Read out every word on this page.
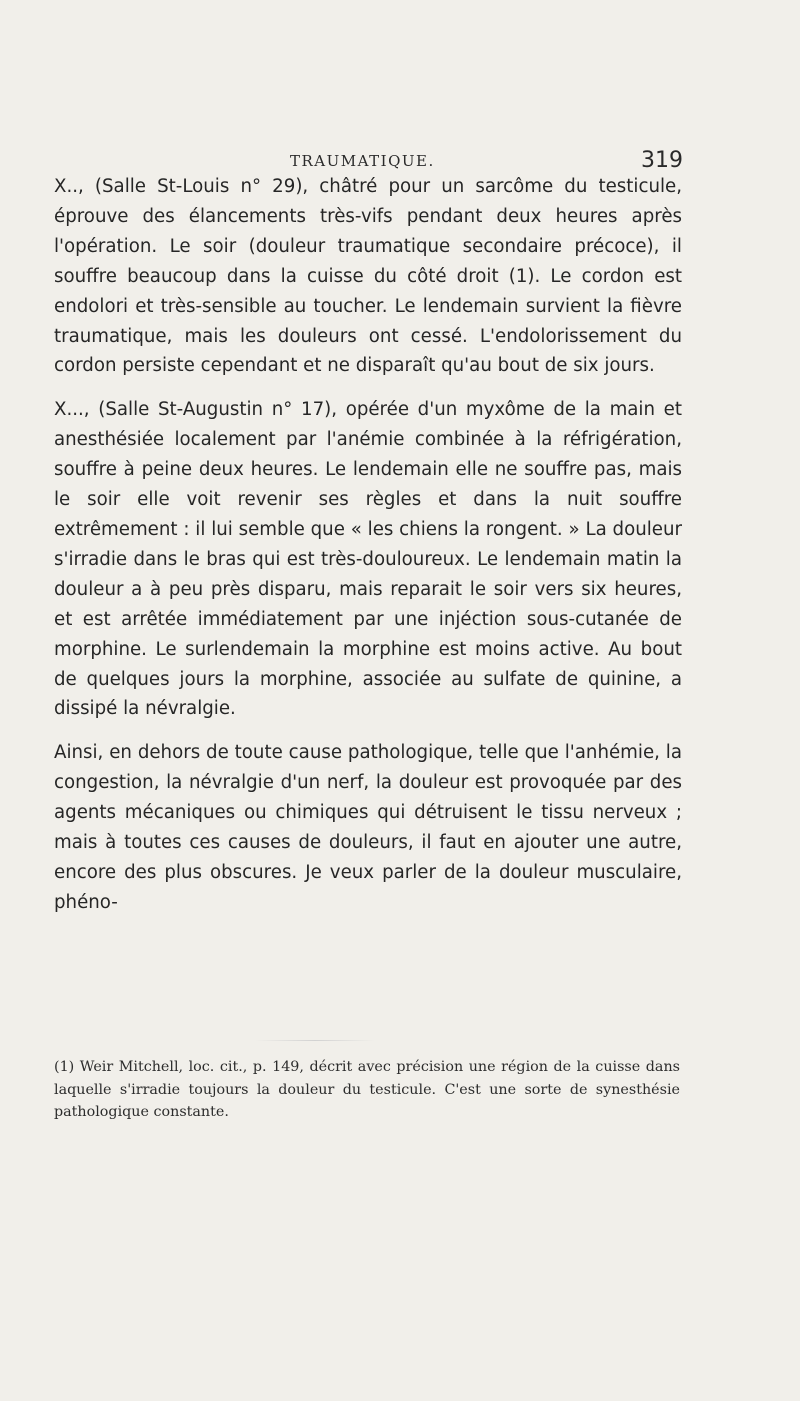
TRAUMATIQUE.	319

X.., (Salle St-Louis n° 29), châtré pour un sarcôme du testicule, éprouve des élancements très-vifs pendant deux heures après l'opération. Le soir (douleur traumatique secondaire précoce), il souffre beaucoup dans la cuisse du côté droit (1). Le cordon est endolori et très-sensible au toucher. Le lendemain survient la fièvre traumatique, mais les douleurs ont cessé. L'endolorissement du cordon persiste cependant et ne disparaît qu'au bout de six jours.

X..., (Salle St-Augustin n° 17), opérée d'un myxôme de la main et anesthésiée localement par l'anémie combinée à la réfrigération, souffre à peine deux heures. Le lendemain elle ne souffre pas, mais le soir elle voit revenir ses règles et dans la nuit souffre extrêmement : il lui semble que « les chiens la rongent. » La douleur s'irradie dans le bras qui est très-douloureux. Le lendemain matin la douleur a à peu près disparu, mais reparait le soir vers six heures, et est arrêtée immédiatement par une injéction sous-cutanée de morphine. Le surlendemain la morphine est moins active. Au bout de quelques jours la morphine, associée au sulfate de quinine, a dissipé la névralgie.

Ainsi, en dehors de toute cause pathologique, telle que l'anhémie, la congestion, la névralgie d'un nerf, la douleur est provoquée par des agents mécaniques ou chimiques qui détruisent le tissu nerveux ; mais à toutes ces causes de douleurs, il faut en ajouter une autre, encore des plus obscures. Je veux parler de la douleur musculaire, phéno-

(1) Weir Mitchell, loc. cit., p. 149, décrit avec précision une région de la cuisse dans laquelle s'irradie toujours la douleur du testicule. C'est une sorte de synesthésie pathologique constante.
